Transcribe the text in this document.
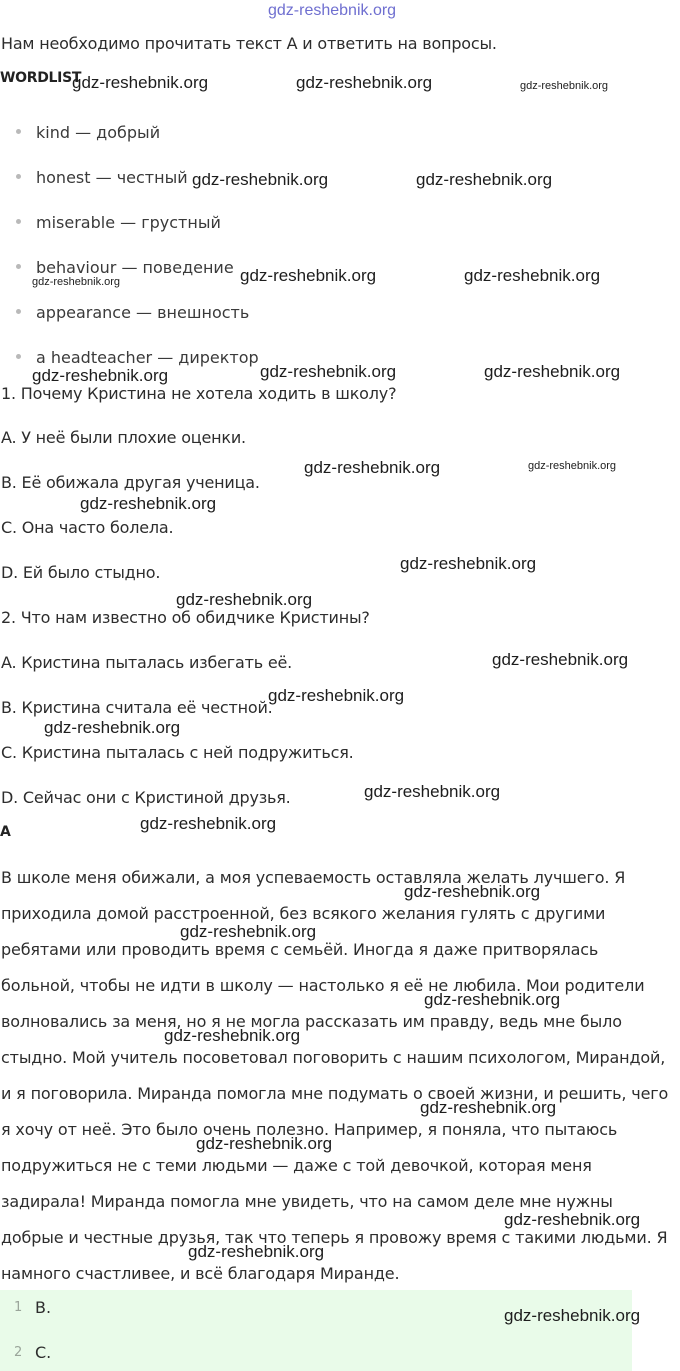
gdz-reshebnik.org
Нам необходимо прочитать текст А и ответить на вопросы.
WORDLIST
kind — добрый
honest — честный
miserable — грустный
behaviour — поведение
appearance — внешность
a headteacher — директор
1. Почему Кристина не хотела ходить в школу?
A. У неё были плохие оценки.
B. Её обижала другая ученица.
C. Она часто болела.
D. Ей было стыдно.
2. Что нам известно об обидчике Кристины?
A. Кристина пыталась избегать её.
B. Кристина считала её честной.
C. Кристина пыталась с ней подружиться.
D. Сейчас они с Кристиной друзья.
A
В школе меня обижали, а моя успеваемость оставляла желать лучшего. Я
приходила домой расстроенной, без всякого желания гулять с другими
ребятами или проводить время с семьёй. Иногда я даже притворялась
больной, чтобы не идти в школу — настолько я её не любила. Мои родители
волновались за меня, но я не могла рассказать им правду, ведь мне было
стыдно. Мой учитель посоветовал поговорить с нашим психологом, Мирандой,
и я поговорила. Миранда помогла мне подумать о своей жизни, и решить, чего
я хочу от неё. Это было очень полезно. Например, я поняла, что пытаюсь
подружиться не с теми людьми — даже с той девочкой, которая меня
задирала! Миранда помогла мне увидеть, что на самом деле мне нужны
добрые и честные друзья, так что теперь я провожу время с такими людьми. Я
намного счастливее, и всё благодаря Миранде.
1 B.
2 C.
gdz-reshebnik.org	gdz-reshebnik.org	gdz-reshebnik.org
gdz-reshebnik.org	gdz-reshebnik.org
gdz-reshebnik.org	gdz-reshebnik.org
gdz-reshebnik.org
gdz-reshebnik.org	gdz-reshebnik.org	gdz-reshebnik.org
gdz-reshebnik.org	gdz-reshebnik.org
gdz-reshebnik.org
gdz-reshebnik.org
gdz-reshebnik.org
gdz-reshebnik.org
gdz-reshebnik.org
gdz-reshebnik.org
gdz-reshebnik.org
gdz-reshebnik.org
gdz-reshebnik.org
gdz-reshebnik.org
gdz-reshebnik.org
gdz-reshebnik.org
gdz-reshebnik.org
gdz-reshebnik.org
gdz-reshebnik.org
gdz-reshebnik.org
gdz-reshebnik.org
